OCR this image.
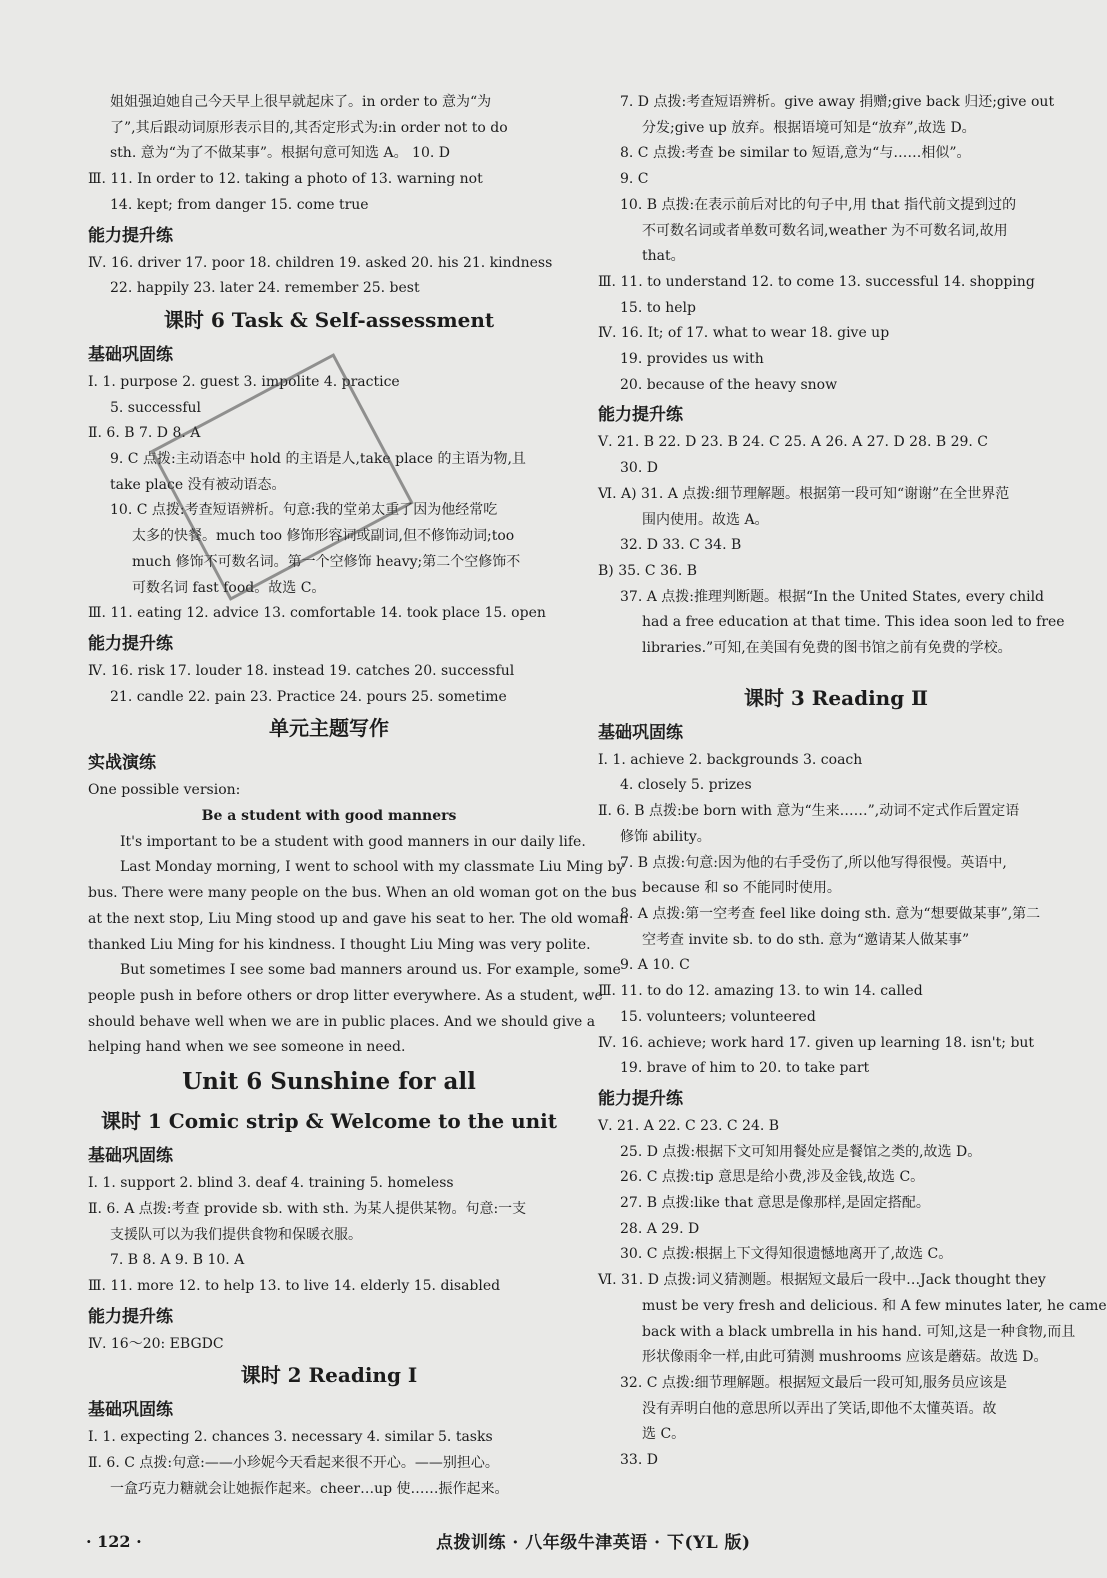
姐姐强迫她自己今天早上很早就起床了。in order to 意为“为
了”,其后跟动词原形表示目的,其否定形式为:in order not to do
sth. 意为“为了不做某事”。根据句意可知选 A。 10. D
Ⅲ. 11. In order to 12. taking a photo of 13. warning not
14. kept; from danger 15. come true
能力提升练
Ⅳ. 16. driver 17. poor 18. children 19. asked 20. his 21. kindness
22. happily 23. later 24. remember 25. best
课时 6 Task & Self-assessment
基础巩固练
Ⅰ. 1. purpose 2. guest 3. impolite 4. practice
5. successful
Ⅱ. 6. B 7. D 8. A
9. C 点拨:主动语态中 hold 的主语是人,take place 的主语为物,且
take place 没有被动语态。
10. C 点拨:考查短语辨析。句意:我的堂弟太重了因为他经常吃
太多的快餐。much too 修饰形容词或副词,但不修饰动词;too
much 修饰不可数名词。第一个空修饰 heavy;第二个空修饰不
可数名词 fast food。故选 C。
Ⅲ. 11. eating 12. advice 13. comfortable 14. took place 15. open
能力提升练
Ⅳ. 16. risk 17. louder 18. instead 19. catches 20. successful
21. candle 22. pain 23. Practice 24. pours 25. sometime
单元主题写作
实战演练
One possible version:
Be a student with good manners
It's important to be a student with good manners in our daily life.
Last Monday morning, I went to school with my classmate Liu Ming by
bus. There were many people on the bus. When an old woman got on the bus
at the next stop, Liu Ming stood up and gave his seat to her. The old woman
thanked Liu Ming for his kindness. I thought Liu Ming was very polite.
But sometimes I see some bad manners around us. For example, some
people push in before others or drop litter everywhere. As a student, we
should behave well when we are in public places. And we should give a
helping hand when we see someone in need.
Unit 6 Sunshine for all
课时 1 Comic strip & Welcome to the unit
基础巩固练
Ⅰ. 1. support 2. blind 3. deaf 4. training 5. homeless
Ⅱ. 6. A 点拨:考查 provide sb. with sth. 为某人提供某物。句意:一支
支援队可以为我们提供食物和保暖衣服。
7. B 8. A 9. B 10. A
Ⅲ. 11. more 12. to help 13. to live 14. elderly 15. disabled
能力提升练
Ⅳ. 16～20: EBGDC
课时 2 Reading Ⅰ
基础巩固练
Ⅰ. 1. expecting 2. chances 3. necessary 4. similar 5. tasks
Ⅱ. 6. C 点拨:句意:——小珍妮今天看起来很不开心。——别担心。
一盒巧克力糖就会让她振作起来。cheer…up 使……振作起来。
7. D 点拨:考查短语辨析。give away 捐赠;give back 归还;give out
分发;give up 放弃。根据语境可知是“放弃”,故选 D。
8. C 点拨:考查 be similar to 短语,意为“与……相似”。
9. C
10. B 点拨:在表示前后对比的句子中,用 that 指代前文提到过的
不可数名词或者单数可数名词,weather 为不可数名词,故用
that。
Ⅲ. 11. to understand 12. to come 13. successful 14. shopping
15. to help
Ⅳ. 16. It; of 17. what to wear 18. give up
19. provides us with
20. because of the heavy snow
能力提升练
Ⅴ. 21. B 22. D 23. B 24. C 25. A 26. A 27. D 28. B 29. C
30. D
Ⅵ. A) 31. A 点拨:细节理解题。根据第一段可知“谢谢”在全世界范
围内使用。故选 A。
32. D 33. C 34. B
B) 35. C 36. B
37. A 点拨:推理判断题。根据“In the United States, every child
had a free education at that time. This idea soon led to free
libraries.”可知,在美国有免费的图书馆之前有免费的学校。
课时 3 Reading Ⅱ
基础巩固练
Ⅰ. 1. achieve 2. backgrounds 3. coach
4. closely 5. prizes
Ⅱ. 6. B 点拨:be born with 意为“生来……”,动词不定式作后置定语
修饰 ability。
7. B 点拨:句意:因为他的右手受伤了,所以他写得很慢。英语中,
because 和 so 不能同时使用。
8. A 点拨:第一空考查 feel like doing sth. 意为“想要做某事”,第二
空考查 invite sb. to do sth. 意为“邀请某人做某事”
9. A 10. C
Ⅲ. 11. to do 12. amazing 13. to win 14. called
15. volunteers; volunteered
Ⅳ. 16. achieve; work hard 17. given up learning 18. isn't; but
19. brave of him to 20. to take part
能力提升练
Ⅴ. 21. A 22. C 23. C 24. B
25. D 点拨:根据下文可知用餐处应是餐馆之类的,故选 D。
26. C 点拨:tip 意思是给小费,涉及金钱,故选 C。
27. B 点拨:like that 意思是像那样,是固定搭配。
28. A 29. D
30. C 点拨:根据上下文得知很遗憾地离开了,故选 C。
Ⅵ. 31. D 点拨:词义猜测题。根据短文最后一段中…Jack thought they
must be very fresh and delicious. 和 A few minutes later, he came
back with a black umbrella in his hand. 可知,这是一种食物,而且
形状像雨伞一样,由此可猜测 mushrooms 应该是蘑菇。故选 D。
32. C 点拨:细节理解题。根据短文最后一段可知,服务员应该是
没有弄明白他的意思所以弄出了笑话,即他不太懂英语。故
选 C。
33. D
· 122 ·	点拨训练 · 八年级牛津英语 · 下(YL 版)
